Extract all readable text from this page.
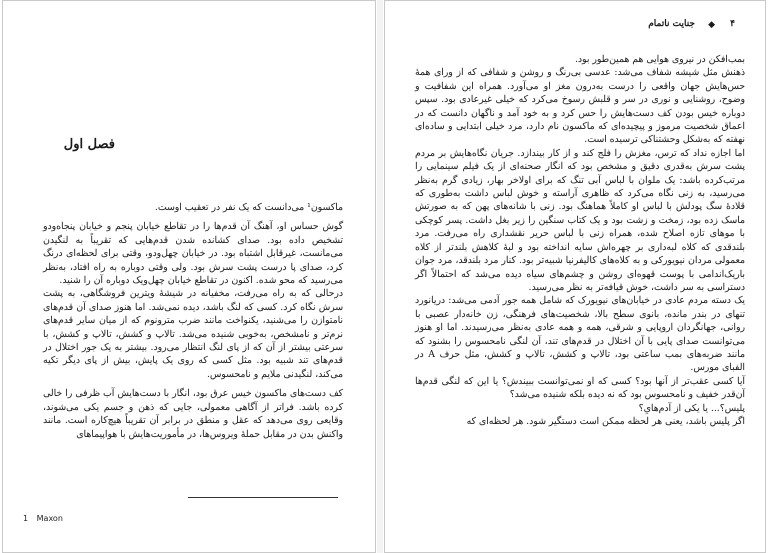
فصل اول

ماکسون¹ می‌دانست که یک نفر در تعقیب اوست.

گوش حساس او، آهنگ آن قدم‌ها را در تقاطع خیابان پنجم و خیابان پنجاه‌ودو تشخیص داده بود. صدای کشانده شدن قدم‌هایی که تقریباً به لنگیدن می‌مانست، غیرقابل اشتباه بود. در خیابان چهل‌ودو، وقتی برای لحظه‌ای درنگ کرد، صدای پا درست پشت سرش بود. ولی وقتی دوباره به راه افتاد، به‌نظر می‌رسید که محو شده. اکنون در تقاطع خیابان چهل‌ویک دوباره آن را شنید.

درحالی که به راه می‌رفت، مخفیانه در شیشهٔ ویترین فروشگاهی، به پشت سرش نگاه کرد. کسی که لنگ باشد، دیده نمی‌شد. اما هنوز صدای آن قدم‌های نامتوازن را می‌شنید، یکنواخت مانند ضرب مترونوم که از میان سایر قدم‌های نرم‌تر و نامشخص، به‌خوبی شنیده می‌شد. تالاپ و کشش، تالاپ و کشش، با سرعتی بیشتر از آن که از پای لنگ انتظار می‌رود. بیشتر به یک جور اختلال در قدم‌های تند شبیه بود. مثل کسی که روی یک پایش، بیش از پای دیگر تکیه می‌کند، لنگیدنی ملایم و نامحسوس.

کف دست‌های ماکسون خیس عرق بود، انگار با دست‌هایش آب ظرفی را خالی کرده باشد. فراتر از آگاهی معمولی، جایی که ذهن و جسم یکی می‌شوند، وقایعی روی می‌دهد که عقل و منطق در برابر آن تقریباً هیچ‌کاره است. مانند واکنش بدن در مقابل حملهٔ ویروس‌ها، در مأموریت‌هایش با هواپیماهای

1 Maxon
۴
◆
جنایت ناتمام

بمب‌افکن در نیروی هوایی هم همین‌طور بود.

ذهنش مثل شیشه شفاف می‌شد: عدسی بی‌رنگ و روشن و شفافی که از ورای همهٔ حس‌هایش جهان واقعی را درست به‌درون مغز او می‌آورد. همراه این شفافیت و وضوح، روشنایی و نوری در سر و قلبش رسوخ می‌کرد که خیلی غیرعادی بود. سپس دوباره خیس بودن کف دست‌هایش را حس کرد و به خود آمد و ناگهان دانست که در اعماق شخصیت مرموز و پیچیده‌ای که ماکسون نام دارد، مرد خیلی ابتدایی و ساده‌ای نهفته که به‌شکل وحشتناکی ترسیده است.

اما اجازه نداد که ترس، مغزش را فلج کند و از کار بیندازد. جریان نگاه‌هایش بر مردم پشت سرش به‌قدری دقیق و مشخص بود که انگار صحنه‌ای از یک فیلم سینمایی را مرتب‌کرده باشد: یک ملوان با لباس آبی تنگ که برای اولاخر بهار، زیادی گرم به‌نظر می‌رسید، به زنی نگاه می‌کرد که ظاهری آراسته و خوش لباس داشت به‌طوری که قلادهٔ سگ پودلش با لباس او کاملاً هماهنگ بود. زنی با شانه‌های پهن که به صورتش ماسک زده بود، زمخت و زشت بود و یک کتاب سنگین را زیر بغل داشت. پسر کوچکی با موهای تازه اصلاح شده، همراه زنی با لباس حریر نقشداری راه می‌رفت. مرد بلندقدی که کلاه لبه‌داری بر چهره‌اش سایه انداخته بود و لبهٔ کلاهش بلندتر از کلاه معمولی مردان نیویورکی و به کلاه‌های کالیفرنیا شبیه‌تر بود. کنار مرد بلندقد، مرد جوان باریک‌اندامی با پوست قهوه‌ای روشن و چشم‌های سیاه دیده می‌شد که احتمالاً اگر دستراسی به سر داشت، خوش قیافه‌تر به نظر می‌رسید.

یک دسته مردم عادی در خیابان‌های نیویورک که شامل همه جور آدمی می‌شد: دریانورد تنهای در بندر مانده، بانوی سطح بالا، شخصیت‌های فرهنگی، زن خانه‌دار عصبی با روانی، جهانگردان اروپایی و شرقی، همه و همه عادی به‌نظر می‌رسیدند. اما او هنوز می‌توانست صدای پایی با آن اختلال در قدم‌های تند، آن لنگی نامحسوس را بشنود که مانند ضربه‌های بمب ساعتی بود، تالاپ و کشش، تالاپ و کشش، مثل حرف A در الفبای مورس.

آیا کسی عقب‌تر از آنها بود؟ کسی که او نمی‌توانست ببیندش؟ یا این که لنگی قدم‌ها آن‌قدر خفیف و نامحسوس بود که نه دیده بلکه شنیده می‌شد؟

پلیس؟... یا یکی از آدم‌هایِ؟

اگر پلیس باشد، یعنی هر لحظه ممکن است دستگیر شود. هر لحظه‌ای که
